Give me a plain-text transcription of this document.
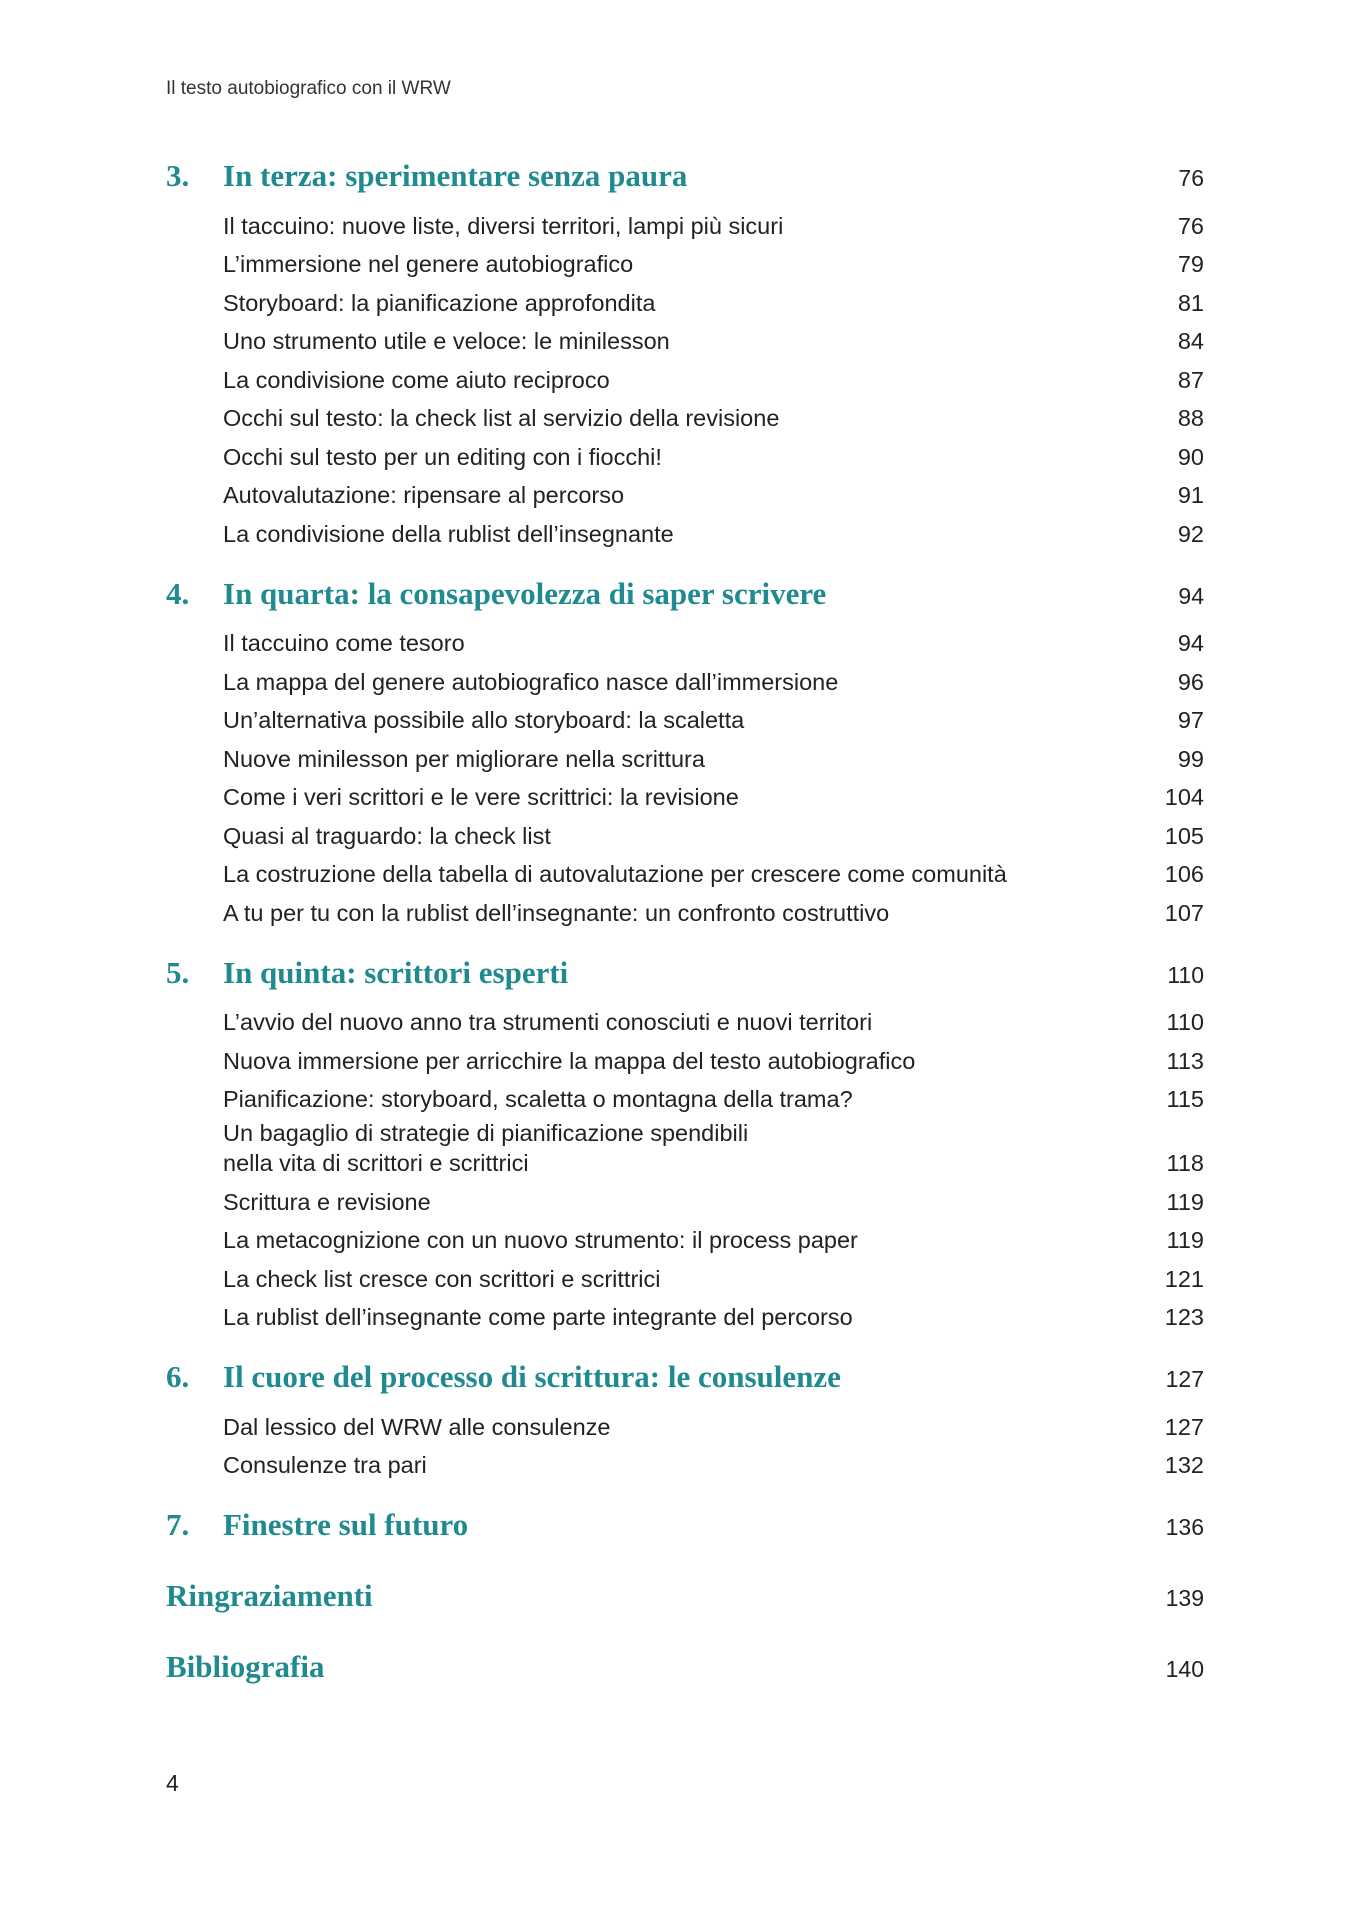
Il testo autobiografico con il WRW
3.	In terza: sperimentare senza paura	76
Il taccuino: nuove liste, diversi territori, lampi più sicuri	76
L’immersione nel genere autobiografico	79
Storyboard: la pianificazione approfondita	81
Uno strumento utile e veloce: le minilesson	84
La condivisione come aiuto reciproco	87
Occhi sul testo: la check list al servizio della revisione	88
Occhi sul testo per un editing con i fiocchi!	90
Autovalutazione: ripensare al percorso	91
La condivisione della rublist dell’insegnante	92
4.	In quarta: la consapevolezza di saper scrivere	94
Il taccuino come tesoro	94
La mappa del genere autobiografico nasce dall’immersione	96
Un’alternativa possibile allo storyboard: la scaletta	97
Nuove minilesson per migliorare nella scrittura	99
Come i veri scrittori e le vere scrittrici: la revisione	104
Quasi al traguardo: la check list	105
La costruzione della tabella di autovalutazione per crescere come comunità	106
A tu per tu con la rublist dell’insegnante: un confronto costruttivo	107
5.	In quinta: scrittori esperti	110
L’avvio del nuovo anno tra strumenti conosciuti e nuovi territori	110
Nuova immersione per arricchire la mappa del testo autobiografico	113
Pianificazione: storyboard, scaletta o montagna della trama?	115
Un bagaglio di strategie di pianificazione spendibili
nella vita di scrittori e scrittrici	118
Scrittura e revisione	119
La metacognizione con un nuovo strumento: il process paper	119
La check list cresce con scrittori e scrittrici	121
La rublist dell’insegnante come parte integrante del percorso	123
6.	Il cuore del processo di scrittura: le consulenze	127
Dal lessico del WRW alle consulenze	127
Consulenze tra pari	132
7.	Finestre sul futuro	136
Ringraziamenti	139
Bibliografia	140
4
